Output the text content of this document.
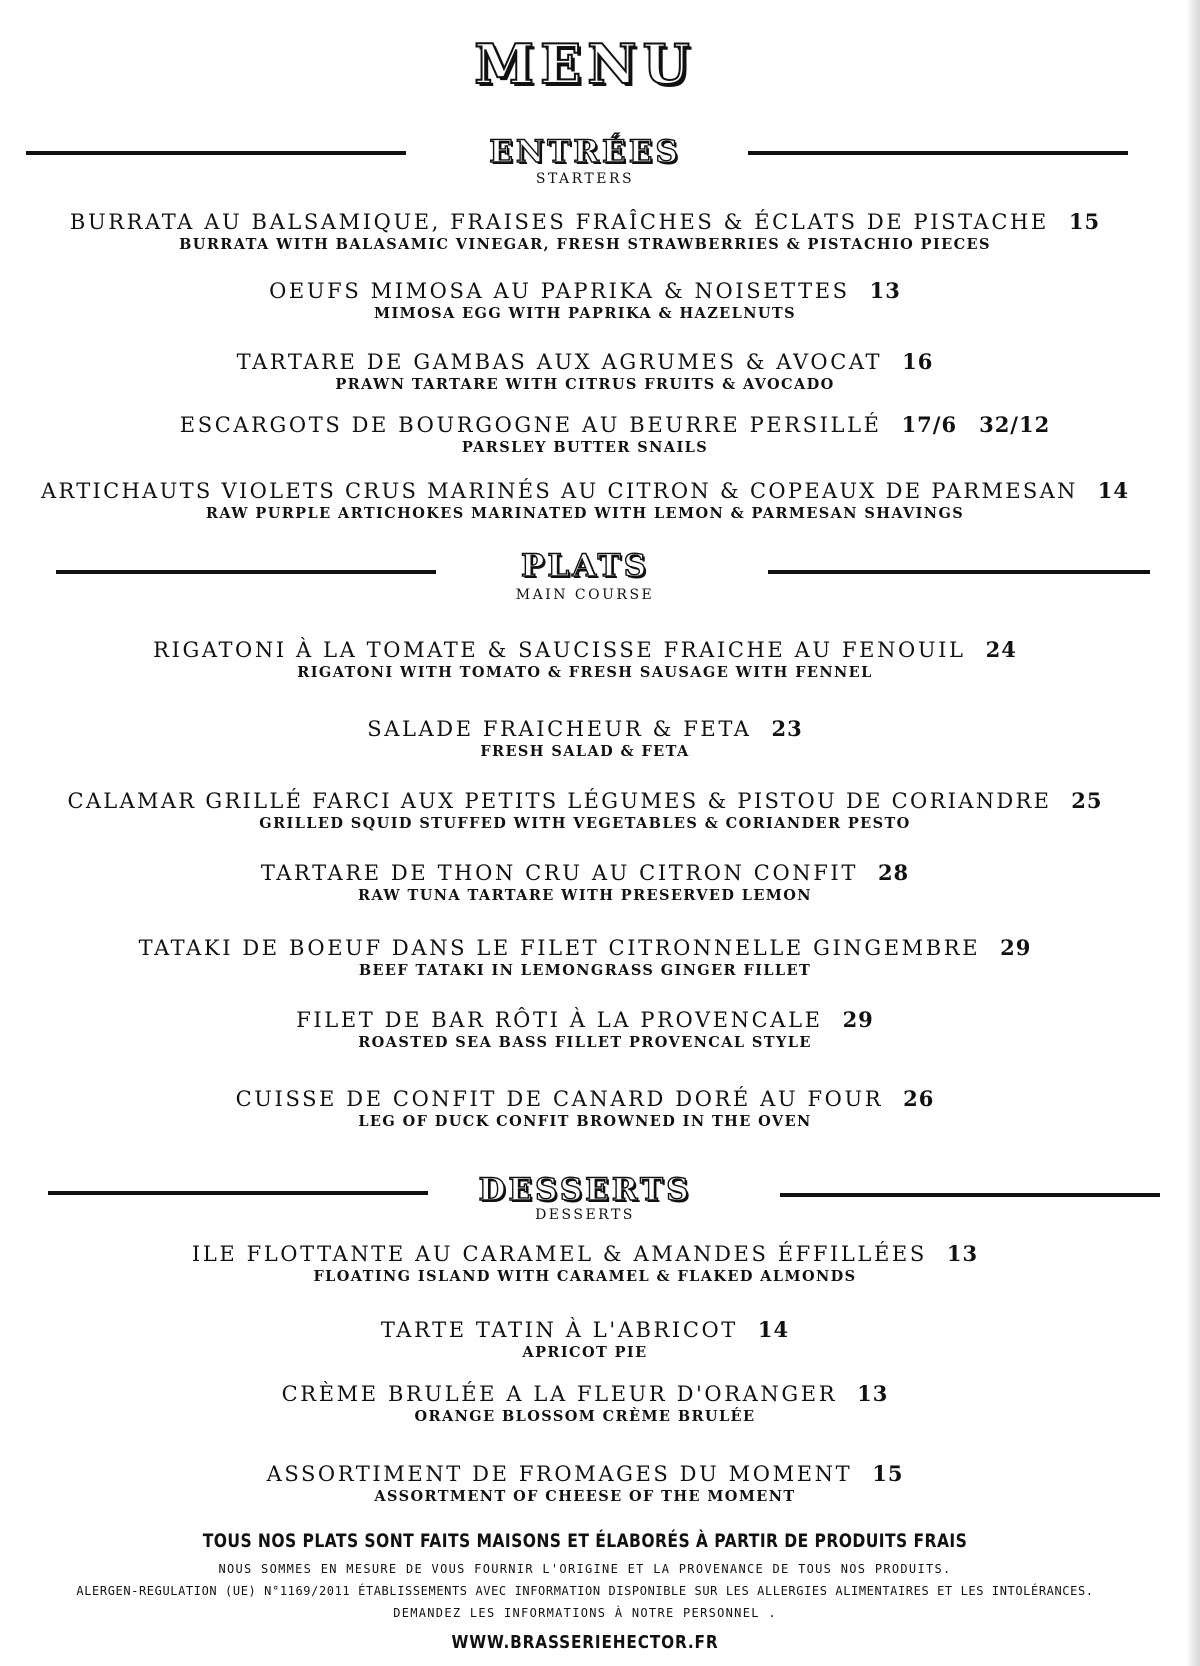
MENU
ENTRÉES
STARTERS
BURRATA AU BALSAMIQUE, FRAISES FRAÎCHES & ÉCLATS DE PISTACHE 15
BURRATA WITH BALASAMIC VINEGAR, FRESH STRAWBERRIES & PISTACHIO PIECES
OEUFS MIMOSA AU PAPRIKA & NOISETTES 13
MIMOSA EGG WITH PAPRIKA & HAZELNUTS
TARTARE DE GAMBAS AUX AGRUMES & AVOCAT 16
PRAWN TARTARE WITH CITRUS FRUITS & AVOCADO
ESCARGOTS DE BOURGOGNE AU BEURRE PERSILLÉ 17/6 32/12
PARSLEY BUTTER SNAILS
ARTICHAUTS VIOLETS CRUS MARINÉS AU CITRON & COPEAUX DE PARMESAN 14
RAW PURPLE ARTICHOKES MARINATED WITH LEMON & PARMESAN SHAVINGS
PLATS
MAIN COURSE
RIGATONI À LA TOMATE & SAUCISSE FRAICHE AU FENOUIL 24
RIGATONI WITH TOMATO & FRESH SAUSAGE WITH FENNEL
SALADE FRAICHEUR & FETA 23
FRESH SALAD & FETA
CALAMAR GRILLÉ FARCI AUX PETITS LÉGUMES & PISTOU DE CORIANDRE 25
GRILLED SQUID STUFFED WITH VEGETABLES & CORIANDER PESTO
TARTARE DE THON CRU AU CITRON CONFIT 28
RAW TUNA TARTARE WITH PRESERVED LEMON
TATAKI DE BOEUF DANS LE FILET CITRONNELLE GINGEMBRE 29
BEEF TATAKI IN LEMONGRASS GINGER FILLET
FILET DE BAR RÔTI À LA PROVENCALE 29
ROASTED SEA BASS FILLET PROVENCAL STYLE
CUISSE DE CONFIT DE CANARD DORÉ AU FOUR 26
LEG OF DUCK CONFIT BROWNED IN THE OVEN
DESSERTS
DESSERTS
ILE FLOTTANTE AU CARAMEL & AMANDES ÉFFILLÉES 13
FLOATING ISLAND WITH CARAMEL & FLAKED ALMONDS
TARTE TATIN À L'ABRICOT 14
APRICOT PIE
CRÈME BRULÉE A LA FLEUR D'ORANGER 13
ORANGE BLOSSOM CRÈME BRULÉE
ASSORTIMENT DE FROMAGES DU MOMENT 15
ASSORTMENT OF CHEESE OF THE MOMENT
TOUS NOS PLATS SONT FAITS MAISONS ET ÉLABORÉS À PARTIR DE PRODUITS FRAIS
NOUS SOMMES EN MESURE DE VOUS FOURNIR L'ORIGINE ET LA PROVENANCE DE TOUS NOS PRODUITS.
ALERGEN-REGULATION (UE) N°1169/2011 ÉTABLISSEMENTS AVEC INFORMATION DISPONIBLE SUR LES ALLERGIES ALIMENTAIRES ET LES INTOLÉRANCES.
DEMANDEZ LES INFORMATIONS À NOTRE PERSONNEL .
WWW.BRASSERIEHECTOR.FR
